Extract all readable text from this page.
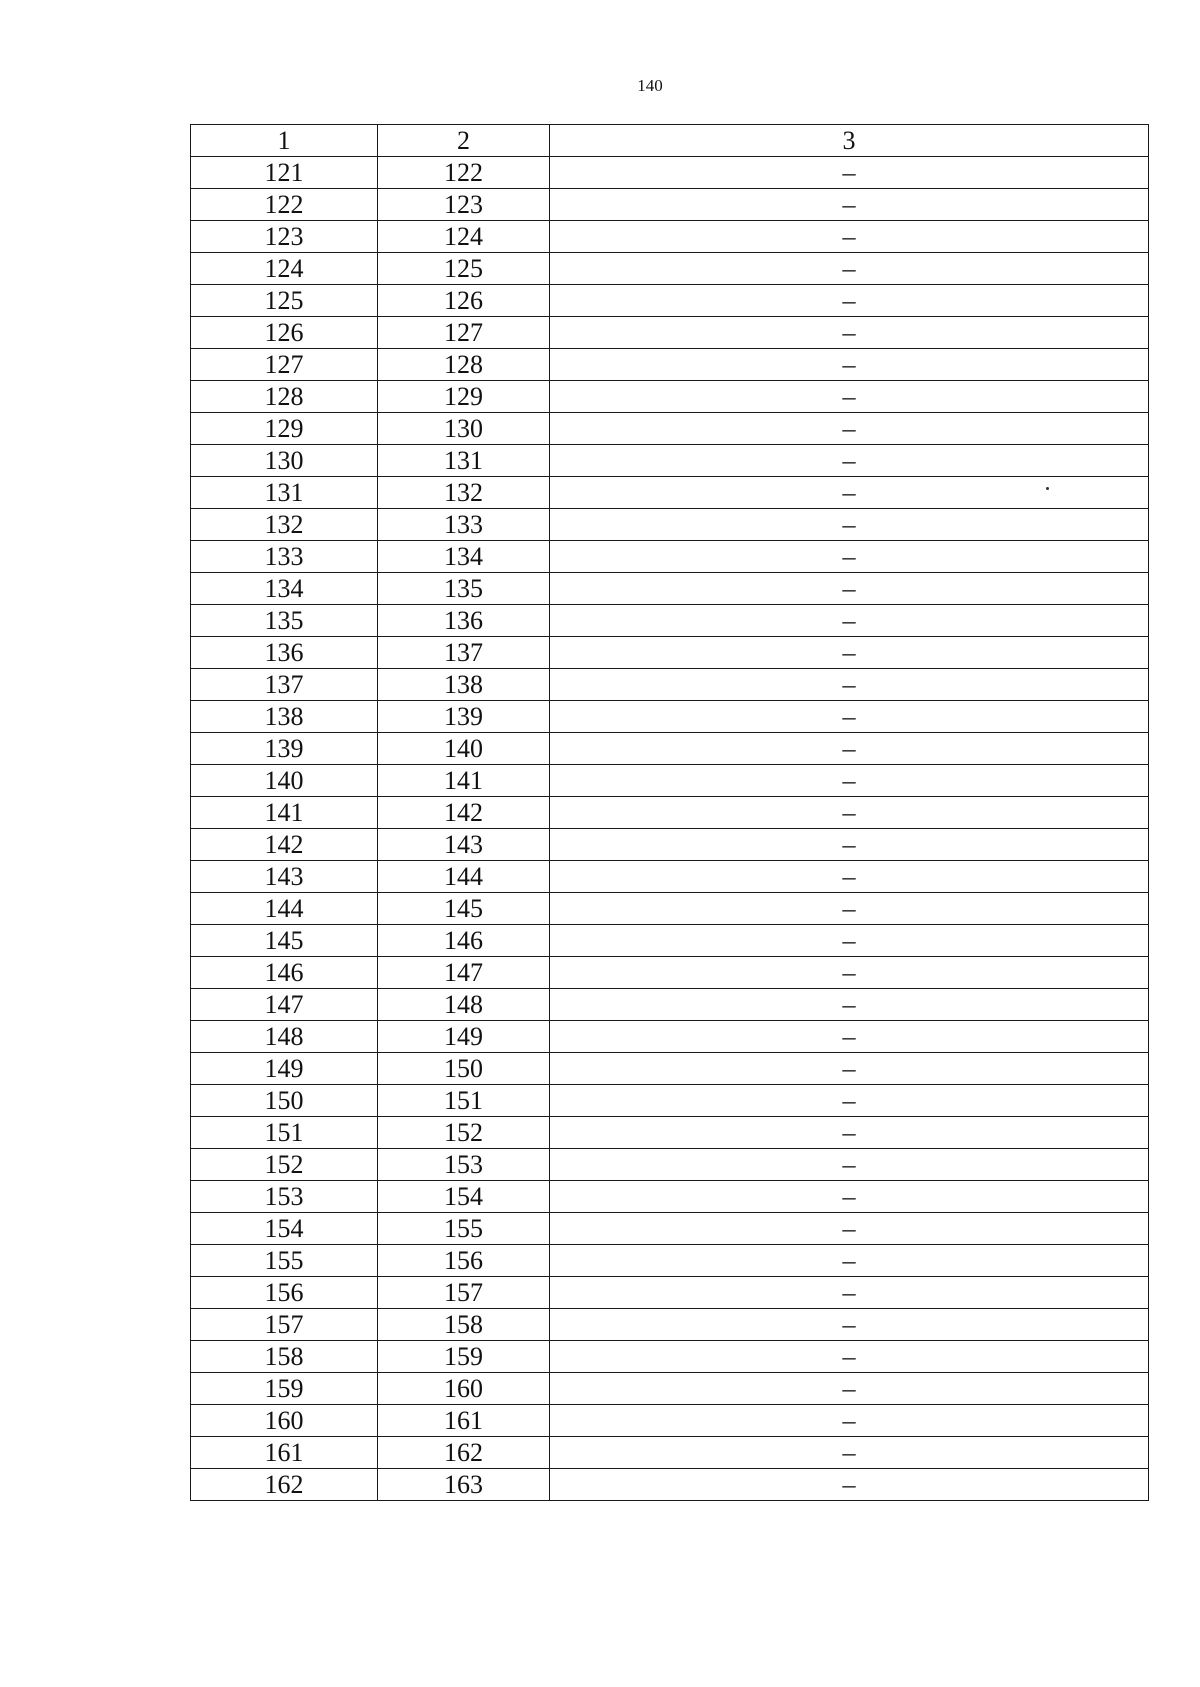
140
1	2	3
121	122	–
122	123	–
123	124	–
124	125	–
125	126	–
126	127	–
127	128	–
128	129	–
129	130	–
130	131	–
131	132	–
132	133	–
133	134	–
134	135	–
135	136	–
136	137	–
137	138	–
138	139	–
139	140	–
140	141	–
141	142	–
142	143	–
143	144	–
144	145	–
145	146	–
146	147	–
147	148	–
148	149	–
149	150	–
150	151	–
151	152	–
152	153	–
153	154	–
154	155	–
155	156	–
156	157	–
157	158	–
158	159	–
159	160	–
160	161	–
161	162	–
162	163	–
